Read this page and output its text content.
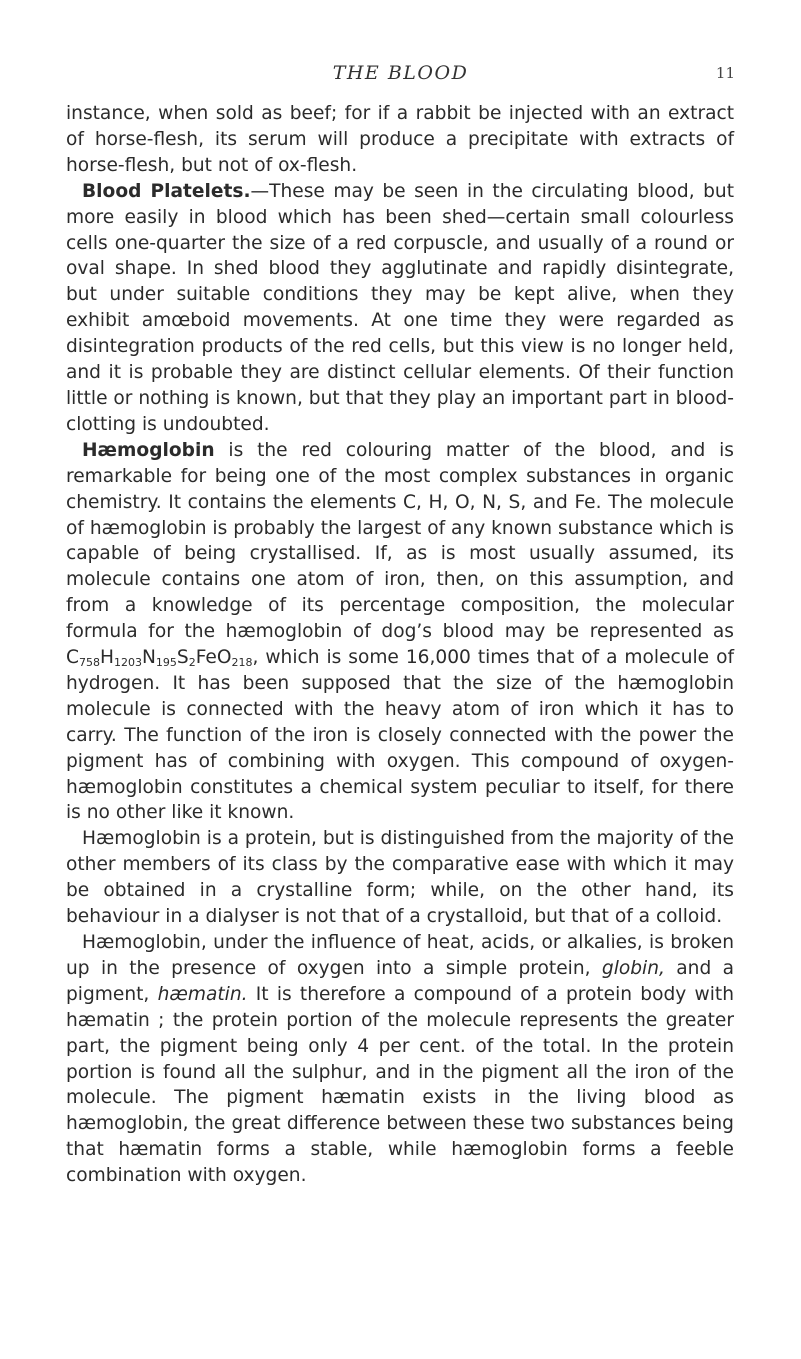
THE BLOOD	11

instance, when sold as beef; for if a rabbit be injected with an extract of horse-flesh, its serum will produce a precipitate with extracts of horse-flesh, but not of ox-flesh.

Blood Platelets.—These may be seen in the circulating blood, but more easily in blood which has been shed—certain small colourless cells one-quarter the size of a red corpuscle, and usually of a round or oval shape. In shed blood they agglutinate and rapidly disintegrate, but under suitable conditions they may be kept alive, when they exhibit amœboid movements. At one time they were regarded as disintegration products of the red cells, but this view is no longer held, and it is probable they are distinct cellular elements. Of their function little or nothing is known, but that they play an important part in blood-clotting is undoubted.

Hæmoglobin is the red colouring matter of the blood, and is remarkable for being one of the most complex substances in organic chemistry. It contains the elements C, H, O, N, S, and Fe. The molecule of hæmoglobin is probably the largest of any known substance which is capable of being crystallised. If, as is most usually assumed, its molecule contains one atom of iron, then, on this assumption, and from a knowledge of its percentage composition, the molecular formula for the hæmoglobin of dog’s blood may be represented as $C_{758}H_{1203}N_{195}S_2FeO_{218}$, which is some 16,000 times that of a molecule of hydrogen. It has been supposed that the size of the hæmoglobin molecule is connected with the heavy atom of iron which it has to carry. The function of the iron is closely connected with the power the pigment has of combining with oxygen. This compound of oxygen-hæmoglobin constitutes a chemical system peculiar to itself, for there is no other like it known.

Hæmoglobin is a protein, but is distinguished from the majority of the other members of its class by the comparative ease with which it may be obtained in a crystalline form; while, on the other hand, its behaviour in a dialyser is not that of a crystalloid, but that of a colloid.

Hæmoglobin, under the influence of heat, acids, or alkalies, is broken up in the presence of oxygen into a simple protein, globin, and a pigment, hæmatin. It is therefore a compound of a protein body with hæmatin ; the protein portion of the molecule represents the greater part, the pigment being only 4 per cent. of the total. In the protein portion is found all the sulphur, and in the pigment all the iron of the molecule. The pigment hæmatin exists in the living blood as hæmoglobin, the great difference between these two substances being that hæmatin forms a stable, while hæmoglobin forms a feeble combination with oxygen.
